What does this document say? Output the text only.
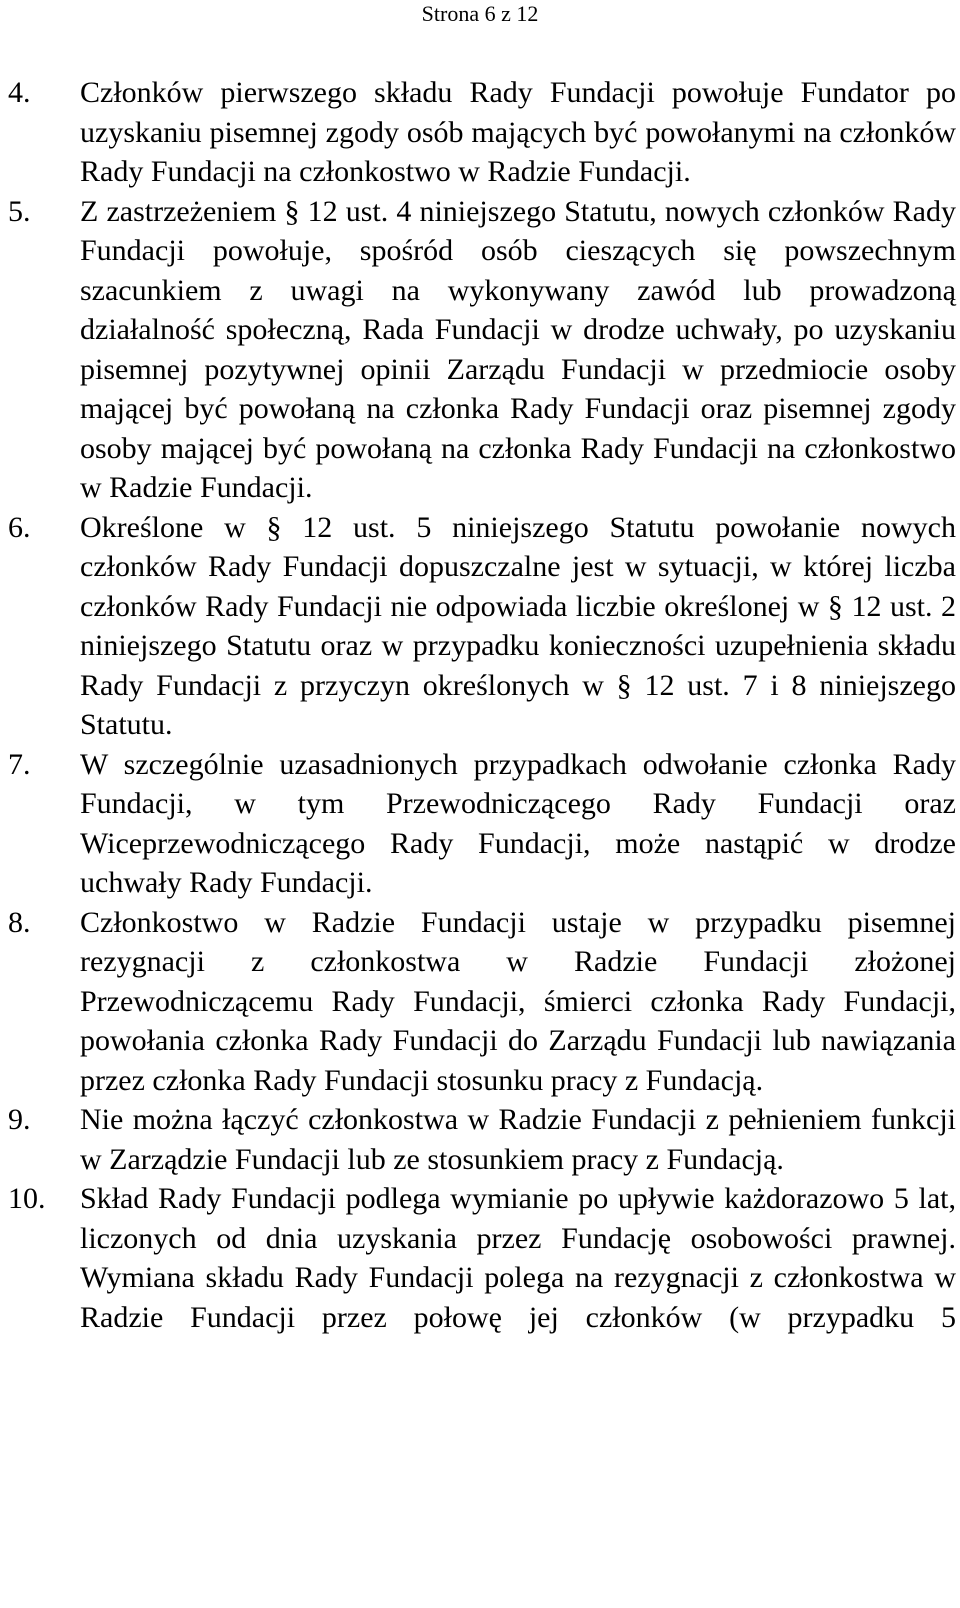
Strona 6 z 12
4.	Członków pierwszego składu Rady Fundacji powołuje Fundator po uzyskaniu pisemnej zgody osób mających być powołanymi na członków Rady Fundacji na członkostwo w Radzie Fundacji.

5.	Z zastrzeżeniem § 12 ust. 4 niniejszego Statutu, nowych członków Rady Fundacji powołuje, spośród osób cieszących się powszechnym szacunkiem z uwagi na wykonywany zawód lub prowadzoną działalność społeczną, Rada Fundacji w drodze uchwały, po uzyskaniu pisemnej pozytywnej opinii Zarządu Fundacji w przedmiocie osoby mającej być powołaną na członka Rady Fundacji oraz pisemnej zgody osoby mającej być powołaną na członka Rady Fundacji na członkostwo w Radzie Fundacji.

6.	Określone w § 12 ust. 5 niniejszego Statutu powołanie nowych członków Rady Fundacji dopuszczalne jest w sytuacji, w której liczba członków Rady Fundacji nie odpowiada liczbie określonej w § 12 ust. 2 niniejszego Statutu oraz w przypadku konieczności uzupełnienia składu Rady Fundacji z przyczyn określonych w § 12 ust. 7 i 8 niniejszego Statutu.

7.	W szczególnie uzasadnionych przypadkach odwołanie członka Rady Fundacji, w tym Przewodniczącego Rady Fundacji oraz Wiceprzewodniczącego Rady Fundacji, może nastąpić w drodze uchwały Rady Fundacji.

8.	Członkostwo w Radzie Fundacji ustaje w przypadku pisemnej rezygnacji z członkostwa w Radzie Fundacji złożonej Przewodniczącemu Rady Fundacji, śmierci członka Rady Fundacji, powołania członka Rady Fundacji do Zarządu Fundacji lub nawiązania przez członka Rady Fundacji stosunku pracy z Fundacją.

9.	Nie można łączyć członkostwa w Radzie Fundacji z pełnieniem funkcji w Zarządzie Fundacji lub ze stosunkiem pracy z Fundacją.

10.	Skład Rady Fundacji podlega wymianie po upływie każdorazowo 5 lat, liczonych od dnia uzyskania przez Fundację osobowości prawnej. Wymiana składu Rady Fundacji polega na rezygnacji z członkostwa w Radzie Fundacji przez połowę jej członków (w przypadku 5
